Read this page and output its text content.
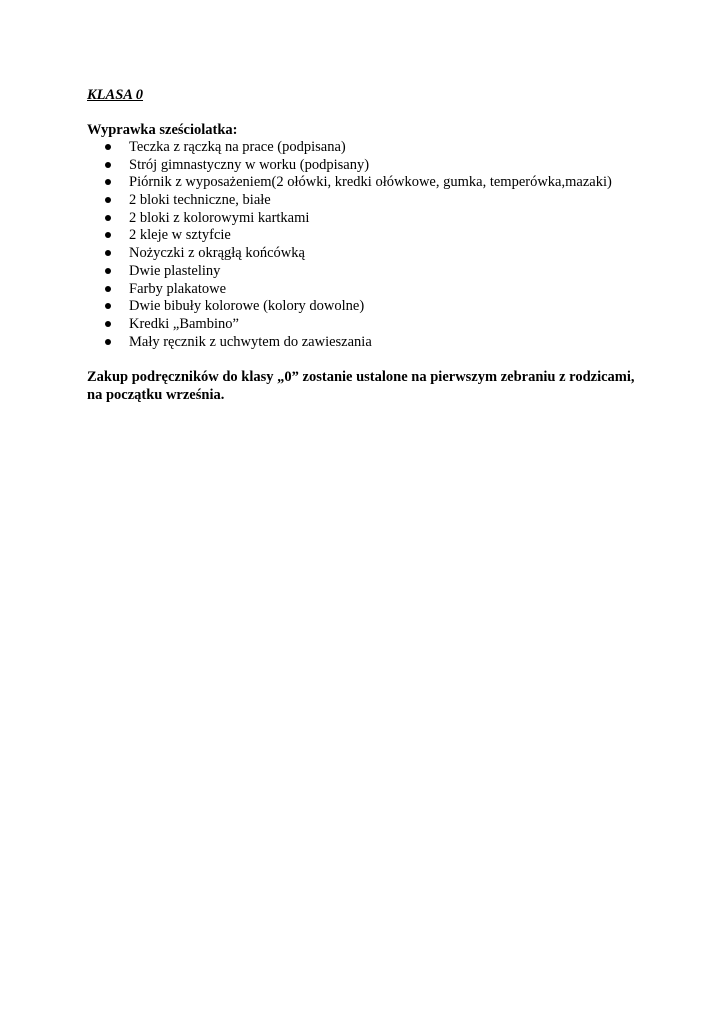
KLASA 0
Wyprawka sześciolatka:
Teczka z rączką na prace (podpisana)
Strój gimnastyczny w worku (podpisany)
Piórnik z wyposażeniem(2 ołówki, kredki ołówkowe, gumka, temperówka,mazaki)
2 bloki techniczne, białe
2 bloki z kolorowymi kartkami
2 kleje w sztyfcie
Nożyczki z okrągłą końcówką
Dwie plasteliny
Farby plakatowe
Dwie bibuły kolorowe (kolory dowolne)
Kredki „Bambino”
Mały ręcznik z uchwytem do zawieszania
Zakup podręczników do klasy „0” zostanie ustalone na pierwszym zebraniu z rodzicami,
na początku września.
